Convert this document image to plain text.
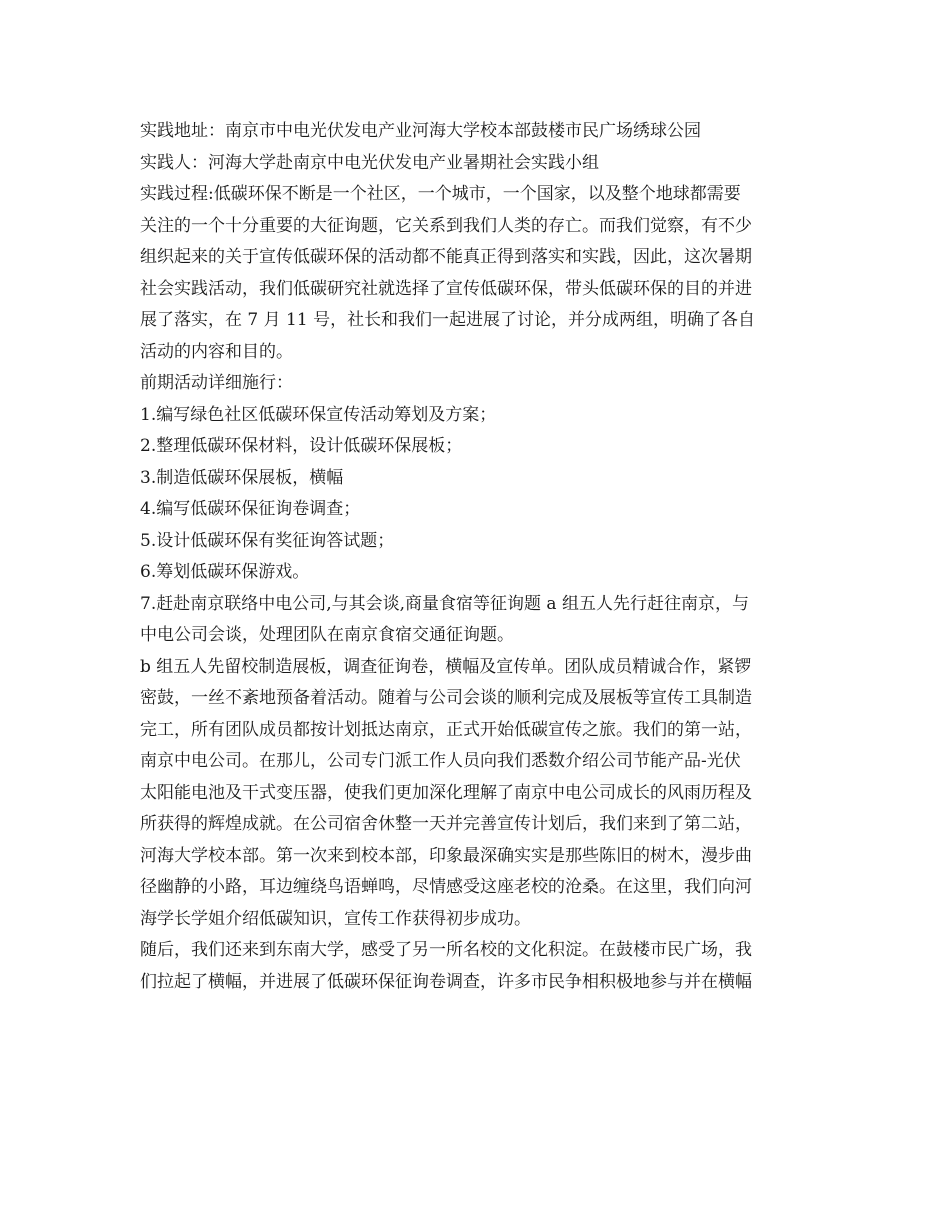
实践地址：南京市中电光伏发电产业河海大学校本部鼓楼市民广场绣球公园
实践人：河海大学赴南京中电光伏发电产业暑期社会实践小组
实践过程:低碳环保不断是一个社区，一个城市，一个国家，以及整个地球都需要
关注的一个十分重要的大征询题，它关系到我们人类的存亡。而我们觉察，有不少
组织起来的关于宣传低碳环保的活动都不能真正得到落实和实践，因此，这次暑期
社会实践活动，我们低碳研究社就选择了宣传低碳环保，带头低碳环保的目的并进
展了落实，在 7 月 11 号，社长和我们一起进展了讨论，并分成两组，明确了各自
活动的内容和目的。
前期活动详细施行：
1.编写绿色社区低碳环保宣传活动筹划及方案；
2.整理低碳环保材料，设计低碳环保展板；
3.制造低碳环保展板，横幅
4.编写低碳环保征询卷调查；
5.设计低碳环保有奖征询答试题；
6.筹划低碳环保游戏。
7.赶赴南京联络中电公司,与其会谈,商量食宿等征询题 a 组五人先行赶往南京，与
中电公司会谈，处理团队在南京食宿交通征询题。
b 组五人先留校制造展板，调查征询卷，横幅及宣传单。团队成员精诚合作，紧锣
密鼓，一丝不紊地预备着活动。随着与公司会谈的顺利完成及展板等宣传工具制造
完工，所有团队成员都按计划抵达南京，正式开始低碳宣传之旅。我们的第一站，
南京中电公司。在那儿，公司专门派工作人员向我们悉数介绍公司节能产品-光伏
太阳能电池及干式变压器，使我们更加深化理解了南京中电公司成长的风雨历程及
所获得的辉煌成就。在公司宿舍休整一天并完善宣传计划后，我们来到了第二站，
河海大学校本部。第一次来到校本部，印象最深确实实是那些陈旧的树木，漫步曲
径幽静的小路，耳边缠绕鸟语蝉鸣，尽情感受这座老校的沧桑。在这里，我们向河
海学长学姐介绍低碳知识，宣传工作获得初步成功。
随后，我们还来到东南大学，感受了另一所名校的文化积淀。在鼓楼市民广场，我
们拉起了横幅，并进展了低碳环保征询卷调查，许多市民争相积极地参与并在横幅
